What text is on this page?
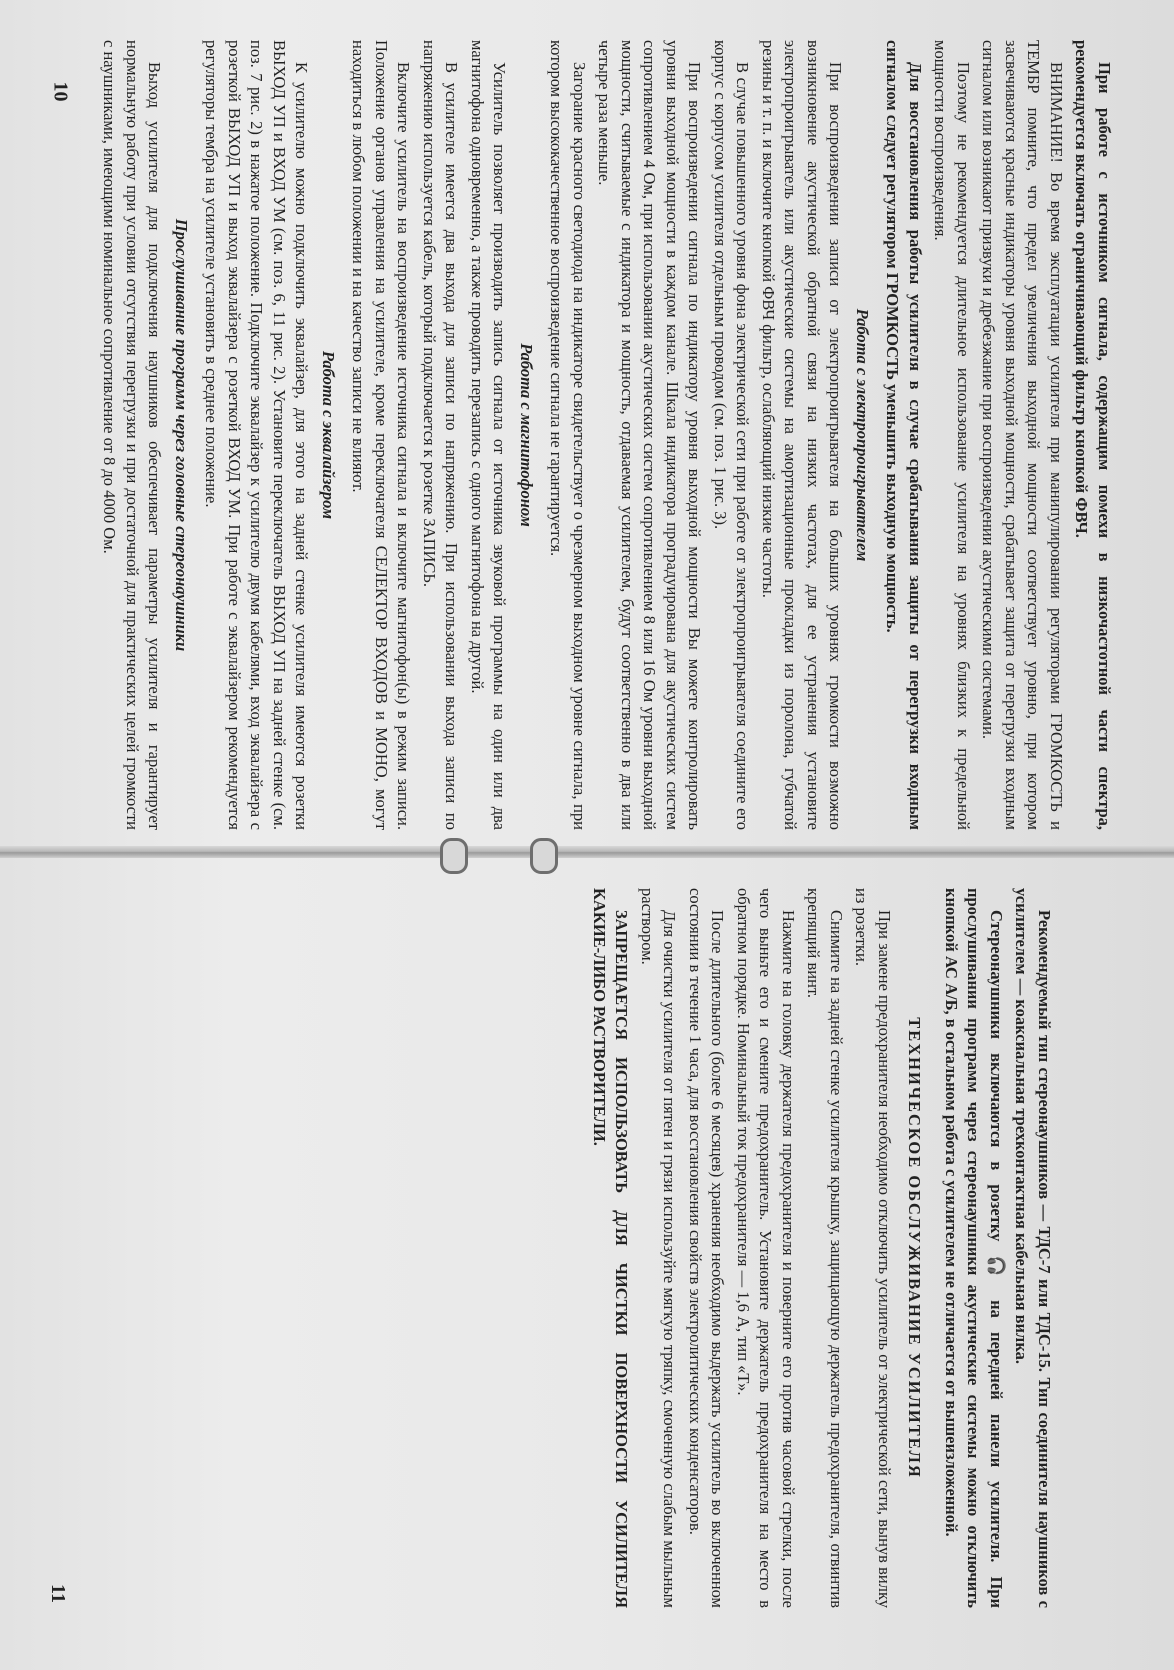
При работе с источником сигнала, содержащим помехи в низкочастотной части спектра, рекомендуется включать ограничивающий фильтр кнопкой ФВЧ.

ВНИМАНИЕ! Во время эксплуатации усилителя при манипулировании регуляторами ГРОМКОСТЬ и ТЕМБР помните, что предел увеличения выходной мощности соответствует уровню, при котором засвечиваются красные индикаторы уровня выходной мощности, срабатывает защита от перегрузки входным сигналом или возникают призвуки и дребезжание при воспроизведении акустическими системами.

Поэтому не рекомендуется длительное использование усилителя на уровнях близких к предельной мощности воспроизведения.

Для восстановления работы усилителя в случае срабатывания защиты от перегрузки входным сигналом следует регулятором ГРОМКОСТЬ уменьшить выходную мощность.

Работа с электропроигрывателем

При воспроизведении записи от электропроигрывателя на больших уровнях громкости возможно возникновение акустической обратной связи на низких частотах, для ее устранения установите электропроигрыватель или акустические системы на амортизационные прокладки из поролона, губчатой резины и т. п. и включите кнопкой ФВЧ фильтр, ослабляющий низкие частоты.

В случае повышенного уровня фона электрической сети при работе от электропроигрывателя соедините его корпус с корпусом усилителя отдельным проводом (см. поз. 1 рис. 3).

При воспроизведении сигнала по индикатору уровня выходной мощности Вы можете контролировать уровни выходной мощности в каждом канале. Шкала индикатора проградуирована для акустических систем сопротивлением 4 Ом, при использовании акустических систем сопротивлением 8 или 16 Ом уровни выходной мощности, считываемые с индикатора и мощность, отдаваемая усилителем, будут соответственно в два или четыре раза меньше.

Загорание красного светодиода на индикаторе свидетельствует о чрезмерном выходном уровне сигнала, при котором высококачественное воспроизведение сигнала не гарантируется.

Работа с магнитофоном

Усилитель позволяет производить запись сигнала от источника звуковой программы на один или два магнитофона одновременно, а также проводить перезапись с одного магнитофона на другой.

В усилителе имеется два выхода для записи по напряжению. При использовании выхода записи по напряжению используется кабель, который подключается к розетке ЗАПИСЬ.

Включите усилитель на воспроизведение источника сигнала и включите магнитофон(ы) в режим записи. Положение органов управления на усилителе, кроме переключателя СЕЛЕКТОР ВХОДОВ и МОНО, могут находиться в любом положении и на качество записи не влияют.

Работа с эквалайзером

К усилителю можно подключить эквалайзер, для этого на задней стенке усилителя имеются розетки ВЫХОД УП и ВХОД УМ (см. поз. 6, 11 рис. 2). Установите переключатель ВЫХОД УП на задней стенке (см. поз. 7 рис. 2) в нажатое положение. Подключите эквалайзер к усилителю двумя кабелями, вход эквалайзера с розеткой ВЫХОД УП и выход эквалайзера с розеткой ВХОД УМ. При работе с эквалайзером рекомендуется регуляторы тембра на усилителе установить в среднее положение.

Прослушивание программ через головные стереонаушники

Выход усилителя для подключения наушников обеспечивает параметры усилителя и гарантирует нормальную работу при условии отсутствия перегрузки и при достаточной для практических целей громкости с наушниками, имеющими номинальное сопротивление от 8 до 4000 Ом.

10

Рекомендуемый тип стереонаушников — ТДС-7 или ТДС-15. Тип соединителя наушников с усилителем — коаксиальная трехконтактная кабельная вилка.

Стереонаушники включаются в розетку 🎧 на передней панели усилителя. При прослушивании программ через стереонаушники акустические системы можно отключить кнопкой АС А/Б, в остальном работа с усилителем не отличается от вышеизложенной.

ТЕХНИЧЕСКОЕ ОБСЛУЖИВАНИЕ УСИЛИТЕЛЯ

При замене предохранителя необходимо отключить усилитель от электрической сети, вынув вилку из розетки.

Снимите на задней стенке усилителя крышку, защищающую держатель предохранителя, отвинтив крепящий винт.

Нажмите на головку держателя предохранителя и поверните его против часовой стрелки, после чего выньте его и смените предохранитель. Установите держатель предохранителя на место в обратном порядке. Номинальный ток предохранителя — 1,6 А, тип «Т».

После длительного (более 6 месяцев) хранения необходимо выдержать усилитель во включенном состоянии в течение 1 часа, для восстановления свойств электролитических конденсаторов.

Для очистки усилителя от пятен и грязи используйте мягкую тряпку, смоченную слабым мыльным раствором.

ЗАПРЕЩАЕТСЯ ИСПОЛЬЗОВАТЬ ДЛЯ ЧИСТКИ ПОВЕРХНОСТИ УСИЛИТЕЛЯ КАКИЕ-ЛИБО РАСТВОРИТЕЛИ.

11
